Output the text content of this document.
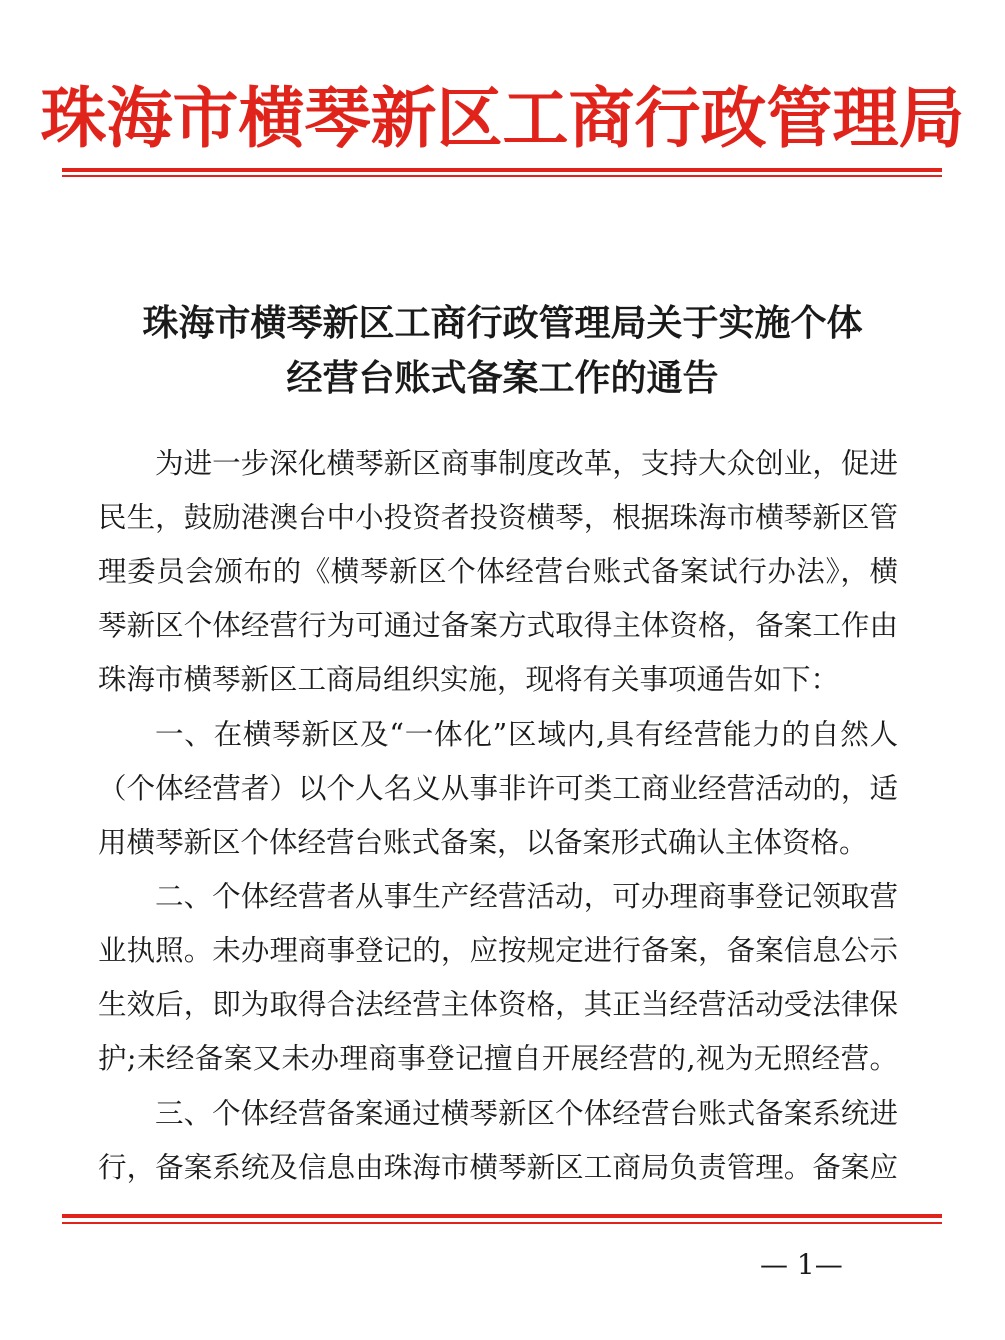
珠海市横琴新区工商行政管理局
珠海市横琴新区工商行政管理局关于实施个体
经营台账式备案工作的通告
为进一步深化横琴新区商事制度改革，支持大众创业，促进
民生，鼓励港澳台中小投资者投资横琴，根据珠海市横琴新区管
理委员会颁布的《横琴新区个体经营台账式备案试行办法》，横
琴新区个体经营行为可通过备案方式取得主体资格，备案工作由
珠海市横琴新区工商局组织实施，现将有关事项通告如下：
一、在横琴新区及“一体化”区域内,具有经营能力的自然人
（个体经营者）以个人名义从事非许可类工商业经营活动的，适
用横琴新区个体经营台账式备案，以备案形式确认主体资格。
二、个体经营者从事生产经营活动，可办理商事登记领取营
业执照。未办理商事登记的，应按规定进行备案，备案信息公示
生效后，即为取得合法经营主体资格，其正当经营活动受法律保
护;未经备案又未办理商事登记擅自开展经营的,视为无照经营。
三、个体经营备案通过横琴新区个体经营台账式备案系统进
行，备案系统及信息由珠海市横琴新区工商局负责管理。备案应
— 1—
